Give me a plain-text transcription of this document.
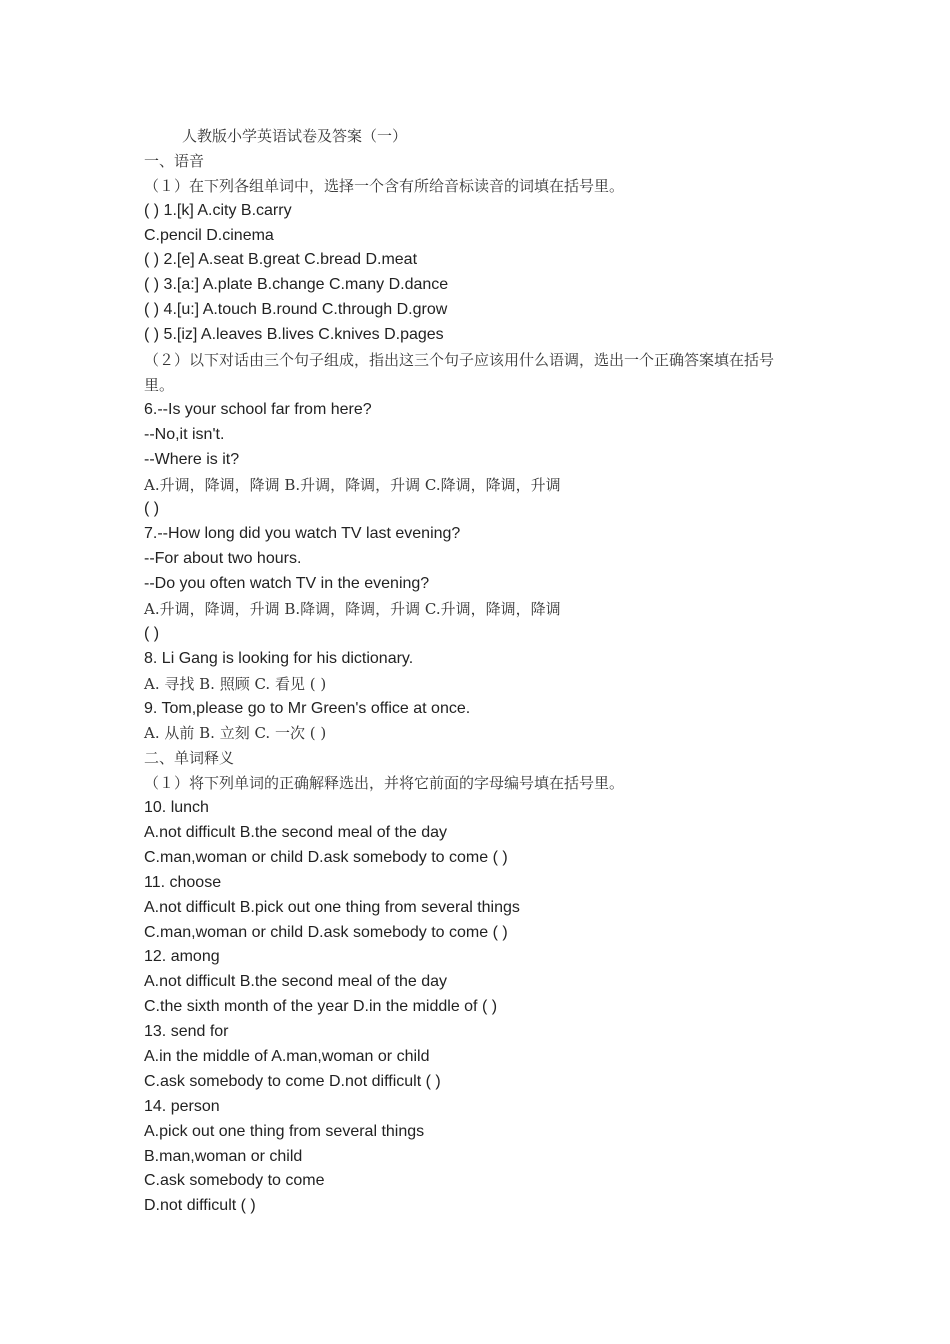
人教版小学英语试卷及答案（一）
一、语音
（１）在下列各组单词中，选择一个含有所给音标读音的词填在括号里。
( ) 1.[k] A.city B.carry
C.pencil D.cinema
( ) 2.[e] A.seat B.great C.bread D.meat
( ) 3.[a:] A.plate B.change C.many D.dance
( ) 4.[u:] A.touch B.round C.through D.grow
( ) 5.[iz] A.leaves B.lives C.knives D.pages
（２）以下对话由三个句子组成，指出这三个句子应该用什么语调，选出一个正确答案填在括号里。
6.--Is your school far from here?
--No,it isn't.
--Where is it?
A.升调，降调，降调 B.升调，降调，升调 C.降调，降调，升调
( )
7.--How long did you watch TV last evening?
--For about two hours.
--Do you often watch TV in the evening?
A.升调，降调，升调 B.降调，降调，升调 C.升调，降调，降调
( )
8. Li Gang is looking for his dictionary.
A. 寻找 B. 照顾 C. 看见 ( )
9. Tom,please go to Mr Green's office at once.
A. 从前 B. 立刻 C. 一次 ( )
二、单词释义
（１）将下列单词的正确解释选出，并将它前面的字母编号填在括号里。
10. lunch
A.not difficult B.the second meal of the day
C.man,woman or child D.ask somebody to come ( )
11. choose
A.not difficult B.pick out one thing from several things
C.man,woman or child D.ask somebody to come ( )
12. among
A.not difficult B.the second meal of the day
C.the sixth month of the year D.in the middle of ( )
13. send for
A.in the middle of A.man,woman or child
C.ask somebody to come D.not difficult ( )
14. person
A.pick out one thing from several things
B.man,woman or child
C.ask somebody to come
D.not difficult ( )
